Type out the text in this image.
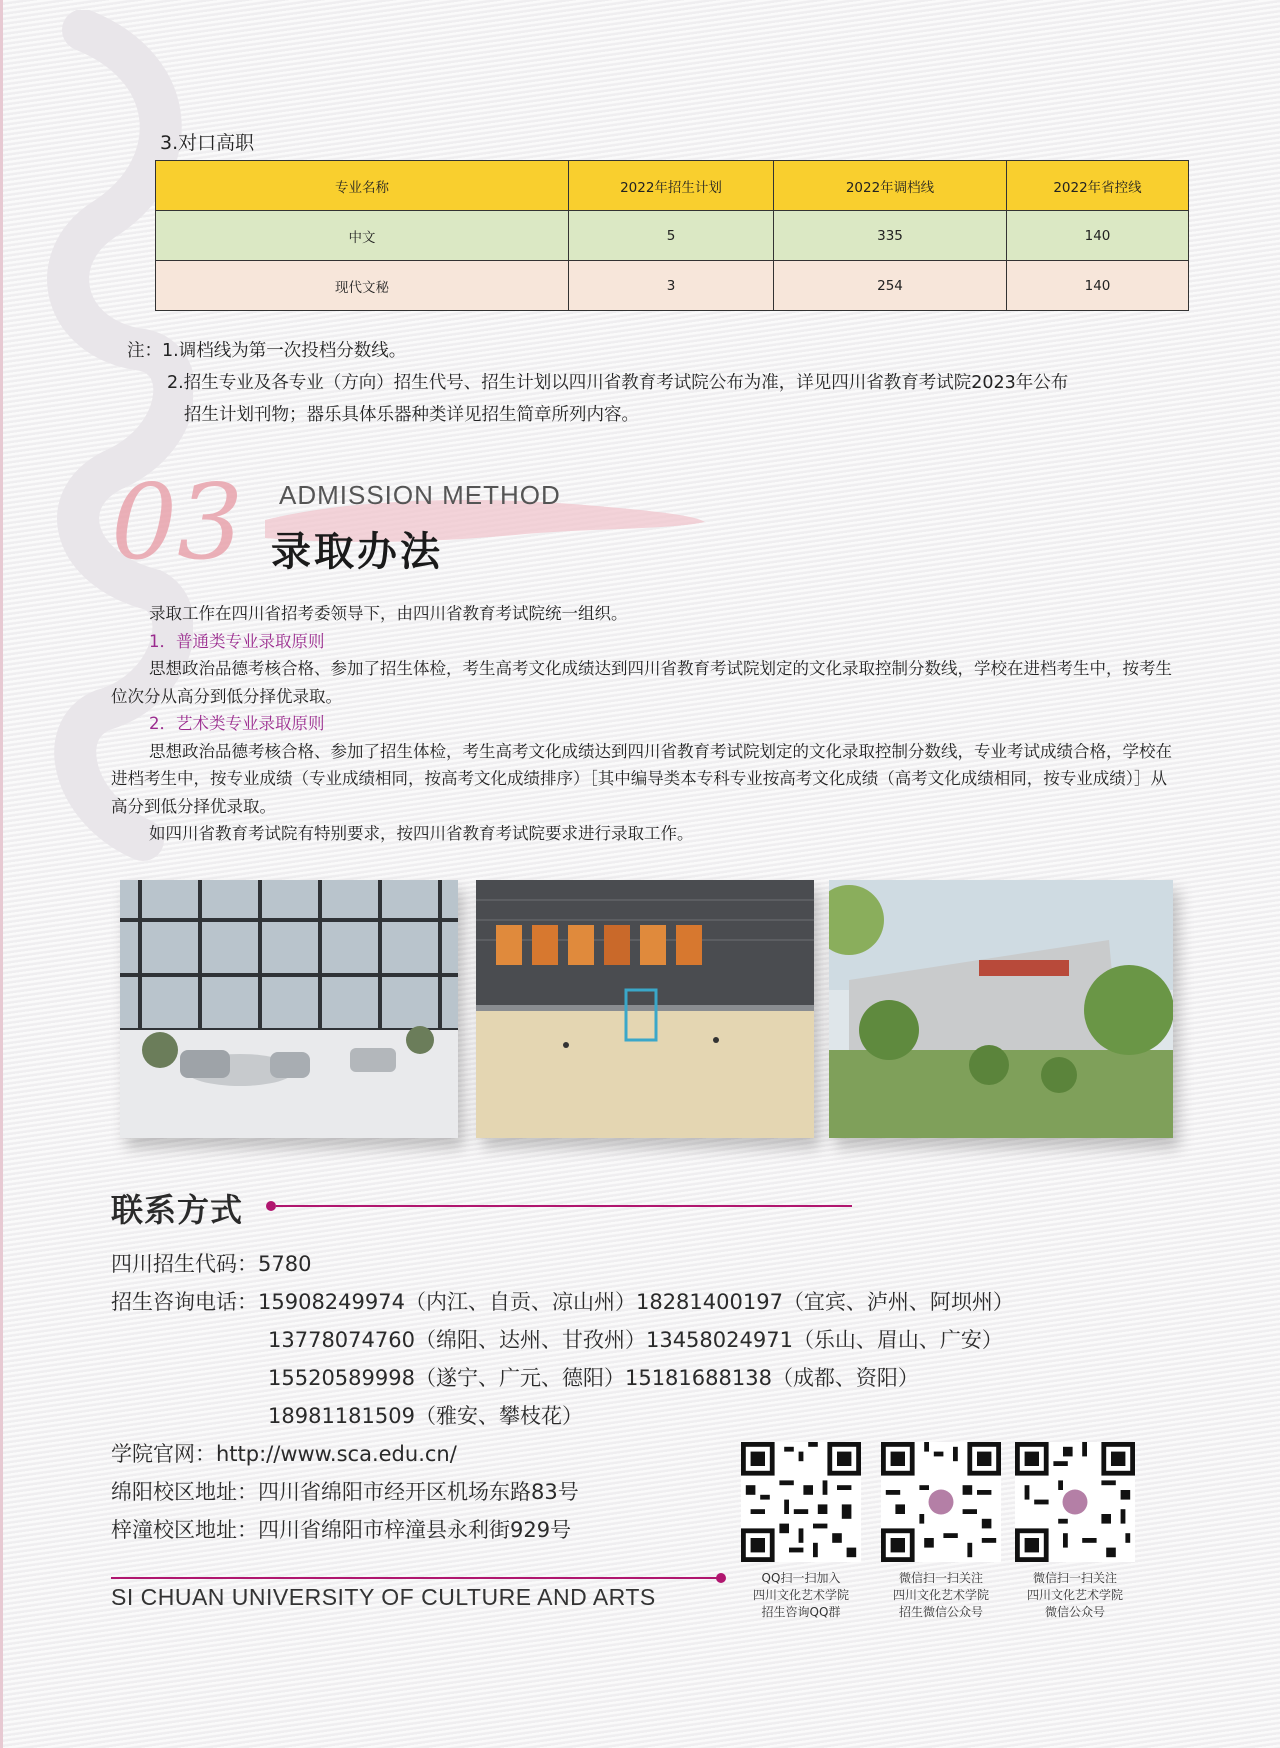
3.对口高职
专业名称	2022年招生计划	2022年调档线	2022年省控线
中文	5	335	140
现代文秘	3	254	140
注：1.调档线为第一次投档分数线。
2.招生专业及各专业（方向）招生代号、招生计划以四川省教育考试院公布为准，详见四川省教育考试院2023年公布
招生计划刊物；器乐具体乐器种类详见招生简章所列内容。
03 ADMISSION METHOD
录取办法

录取工作在四川省招考委领导下，由四川省教育考试院统一组织。

1．普通类专业录取原则

思想政治品德考核合格、参加了招生体检，考生高考文化成绩达到四川省教育考试院划定的文化录取控制分数线，学校在进档考生中，按考生位次分从高分到低分择优录取。

2．艺术类专业录取原则

思想政治品德考核合格、参加了招生体检，考生高考文化成绩达到四川省教育考试院划定的文化录取控制分数线，专业考试成绩合格，学校在进档考生中，按专业成绩（专业成绩相同，按高考文化成绩排序）［其中编导类本专科专业按高考文化成绩（高考文化成绩相同，按专业成绩）］从高分到低分择优录取。

如四川省教育考试院有特别要求，按四川省教育考试院要求进行录取工作。

联系方式
四川招生代码：5780
招生咨询电话：15908249974（内江、自贡、凉山州）18281400197（宜宾、泸州、阿坝州）
13778074760（绵阳、达州、甘孜州）13458024971（乐山、眉山、广安）
15520589998（遂宁、广元、德阳）15181688138（成都、资阳）
18981181509（雅安、攀枝花）
学院官网：http://www.sca.edu.cn/
绵阳校区地址：四川省绵阳市经开区机场东路83号
梓潼校区地址：四川省绵阳市梓潼县永利街929号
SI CHUAN UNIVERSITY OF CULTURE AND ARTS
QQ扫一扫加入
四川文化艺术学院
招生咨询QQ群
微信扫一扫关注
四川文化艺术学院
招生微信公众号
微信扫一扫关注
四川文化艺术学院
微信公众号
